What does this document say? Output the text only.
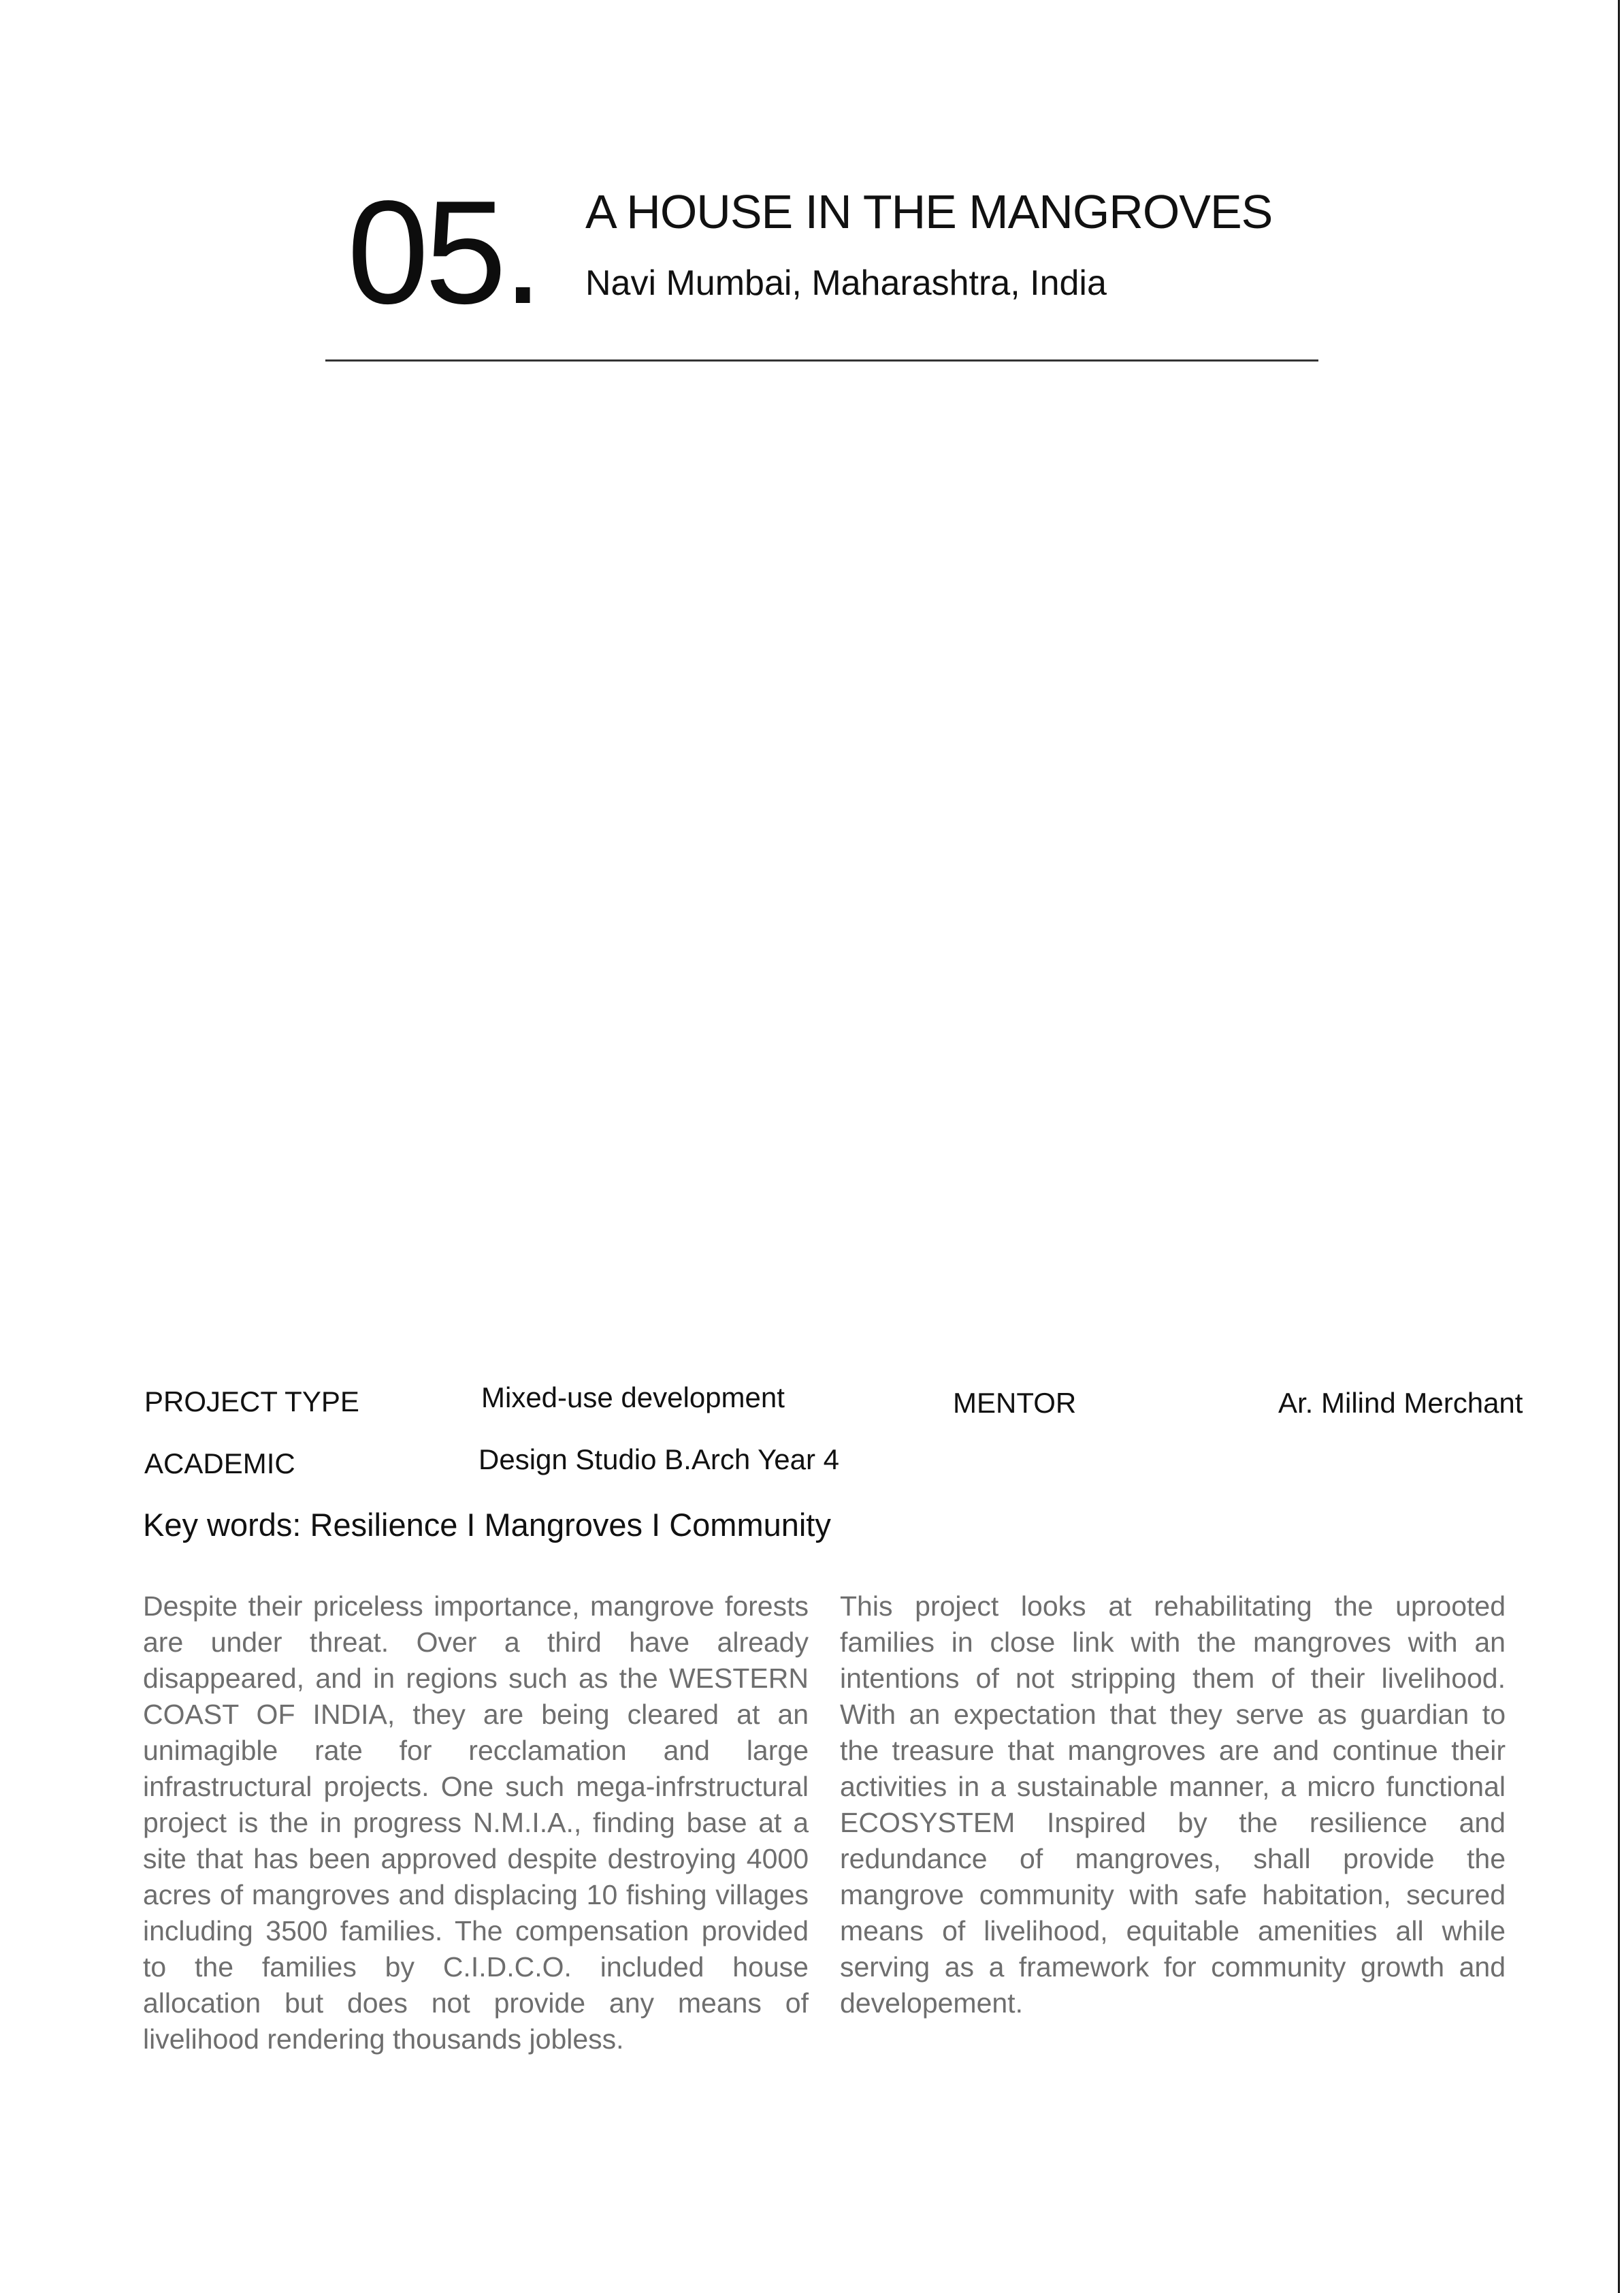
05. A HOUSE IN THE MANGROVES
Navi Mumbai, Maharashtra, India
PROJECT TYPE	Mixed-use development	MENTOR	Ar. Milind Merchant
ACADEMIC	Design Studio B.Arch Year 4
Key words: Resilience I Mangroves I Community

Despite their priceless importance, mangrove forests are under threat. Over a third have already disappeared, and in regions such as the WESTERN COAST OF INDIA, they are being cleared at an unimagible rate for recclamation and large infrastructural projects. One such mega-infrstructural project is the in progress N.M.I.A., finding base at a site that has been approved despite destroying 4000 acres of mangroves and displacing 10 fishing villages including 3500 families. The compensation provided to the families by C.I.D.C.O. included house allocation but does not provide any means of livelihood rendering thousands jobless.

This project looks at rehabilitating the uprooted families in close link with the mangroves with an intentions of not stripping them of their livelihood. With an expectation that they serve as guardian to the treasure that mangroves are and continue their activities in a sustainable manner, a micro functional ECOSYSTEM Inspired by the resilience and redundance of mangroves, shall provide the mangrove community with safe habitation, secured means of livelihood, equitable amenities all while serving as a framework for community growth and developement.
